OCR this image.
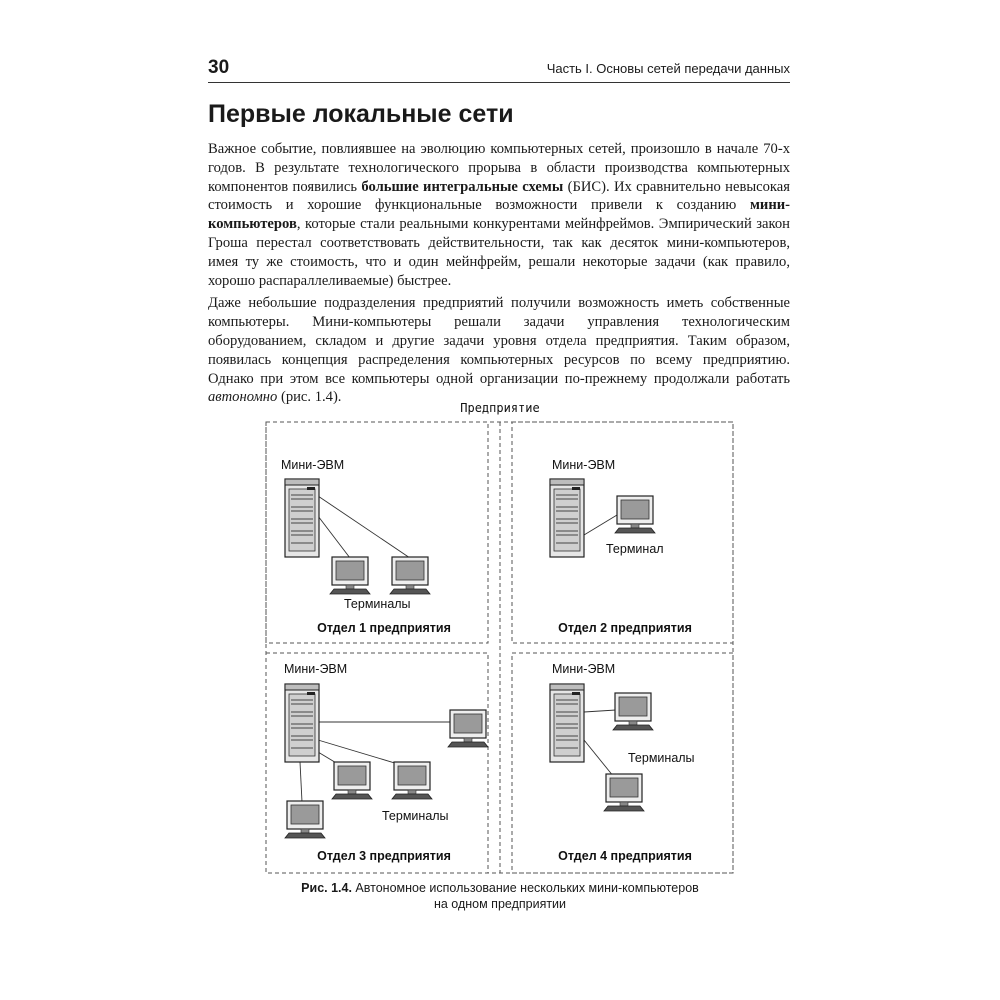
30	Часть I. Основы сетей передачи данных
Первые локальные сети

Важное событие, повлиявшее на эволюцию компьютерных сетей, произошло в начале 70-х годов. В результате технологического прорыва в области производства компьютерных компонентов появились большие интегральные схемы (БИС). Их сравнительно невысокая стоимость и хорошие функциональные возможности привели к созданию мини-компьютеров, которые стали реальными конкурентами мейнфреймов. Эмпирический закон Гроша перестал соответствовать действительности, так как десяток мини-компьютеров, имея ту же стоимость, что и один мейнфрейм, решали некоторые задачи (как правило, хорошо распараллеливаемые) быстрее.

Даже небольшие подразделения предприятий получили возможность иметь собственные компьютеры. Мини-компьютеры решали задачи управления технологическим оборудованием, складом и другие задачи уровня отдела предприятия. Таким образом, появилась концепция распределения компьютерных ресурсов по всему предприятию. Однако при этом все компьютеры одной организации по-прежнему продолжали работать автономно (рис. 1.4).

Предприятие
Мини-ЭВМ
Терминалы
Отдел 1 предприятия
Мини-ЭВМ
Терминал
Отдел 2 предприятия
Мини-ЭВМ
Терминалы
Отдел 3 предприятия
Мини-ЭВМ
Терминалы
Отдел 4 предприятия
Рис. 1.4. Автономное использование нескольких мини-компьютеров
на одном предприятии
